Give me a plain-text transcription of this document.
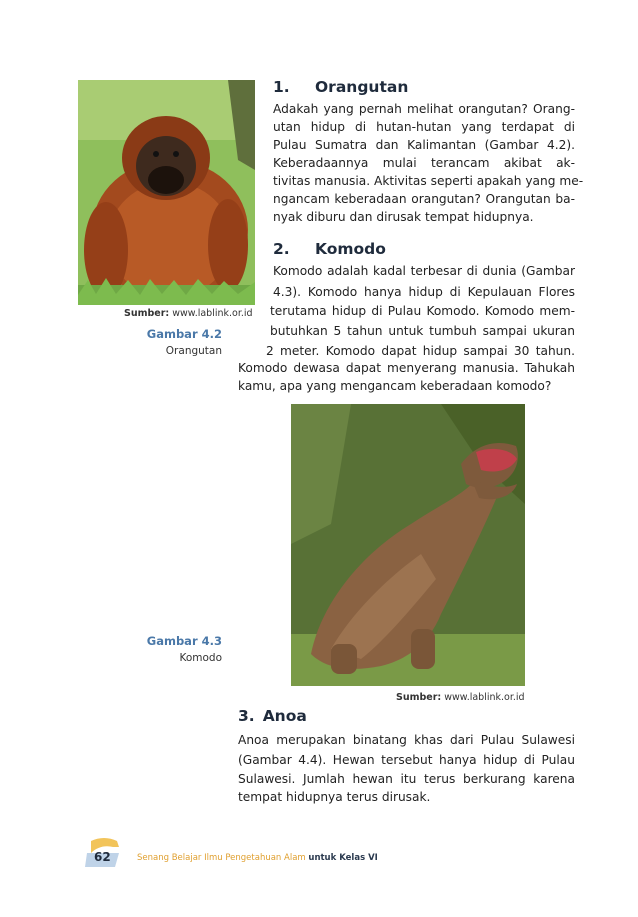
Sumber: www.lablink.or.id
Gambar 4.2
Orangutan
1.	Orangutan
Adakah yang pernah melihat orangutan? Orang-
utan hidup di hutan-hutan yang terdapat di
Pulau Sumatra dan Kalimantan (Gambar 4.2).
Keberadaannya mulai terancam akibat ak-
tivitas manusia. Aktivitas seperti apakah yang me-
ngancam keberadaan orangutan? Orangutan ba-
nyak diburu dan dirusak tempat hidupnya.
2.	Komodo
Komodo adalah kadal terbesar di dunia (Gambar
4.3). Komodo hanya hidup di Kepulauan Flores
terutama hidup di Pulau Komodo. Komodo mem-
butuhkan 5 tahun untuk tumbuh sampai ukuran
2 meter. Komodo dapat hidup sampai 30 tahun.
Komodo dewasa dapat menyerang manusia. Tahukah
kamu, apa yang mengancam keberadaan komodo?
Gambar 4.3
Komodo
Sumber: www.lablink.or.id
3. Anoa
Anoa merupakan binatang khas dari Pulau Sulawesi
(Gambar 4.4). Hewan tersebut hanya hidup di Pulau
Sulawesi. Jumlah hewan itu terus berkurang karena
tempat hidupnya terus dirusak.
62	Senang Belajar Ilmu Pengetahuan Alam untuk Kelas VI
